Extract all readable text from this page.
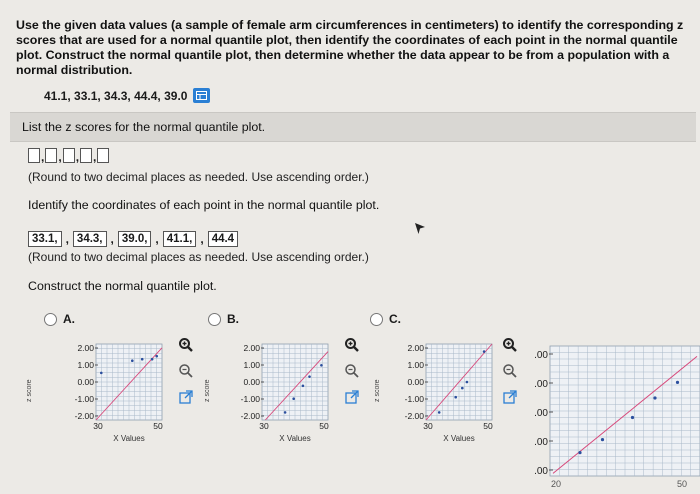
Use the given data values (a sample of female arm circumferences in centimeters) to identify the corresponding z scores that are used for a normal quantile plot, then identify the coordinates of each point in the normal quantile plot. Construct the normal quantile plot, then determine whether the data appear to be from a population with a normal distribution.
41.1, 33.1, 34.3, 44.4, 39.0
List the z scores for the normal quantile plot.
, , , ,
(Round to two decimal places as needed. Use ascending order.)
Identify the coordinates of each point in the normal quantile plot.
33.1, , 34.3, , 39.0, , 41.1, , 44.4
(Round to two decimal places as needed. Use ascending order.)
Construct the normal quantile plot.
A.	B.	C.
2.00
1.00
0.00
-1.00
-2.00
30	50
X Values
z score
2.00
1.00
0.00
-1.00
-2.00
30	50
X Values
z score
2.00
1.00
0.00
-1.00
-2.00
30	50
X Values
z score
.00
.00
.00
.00
.00
20	50
